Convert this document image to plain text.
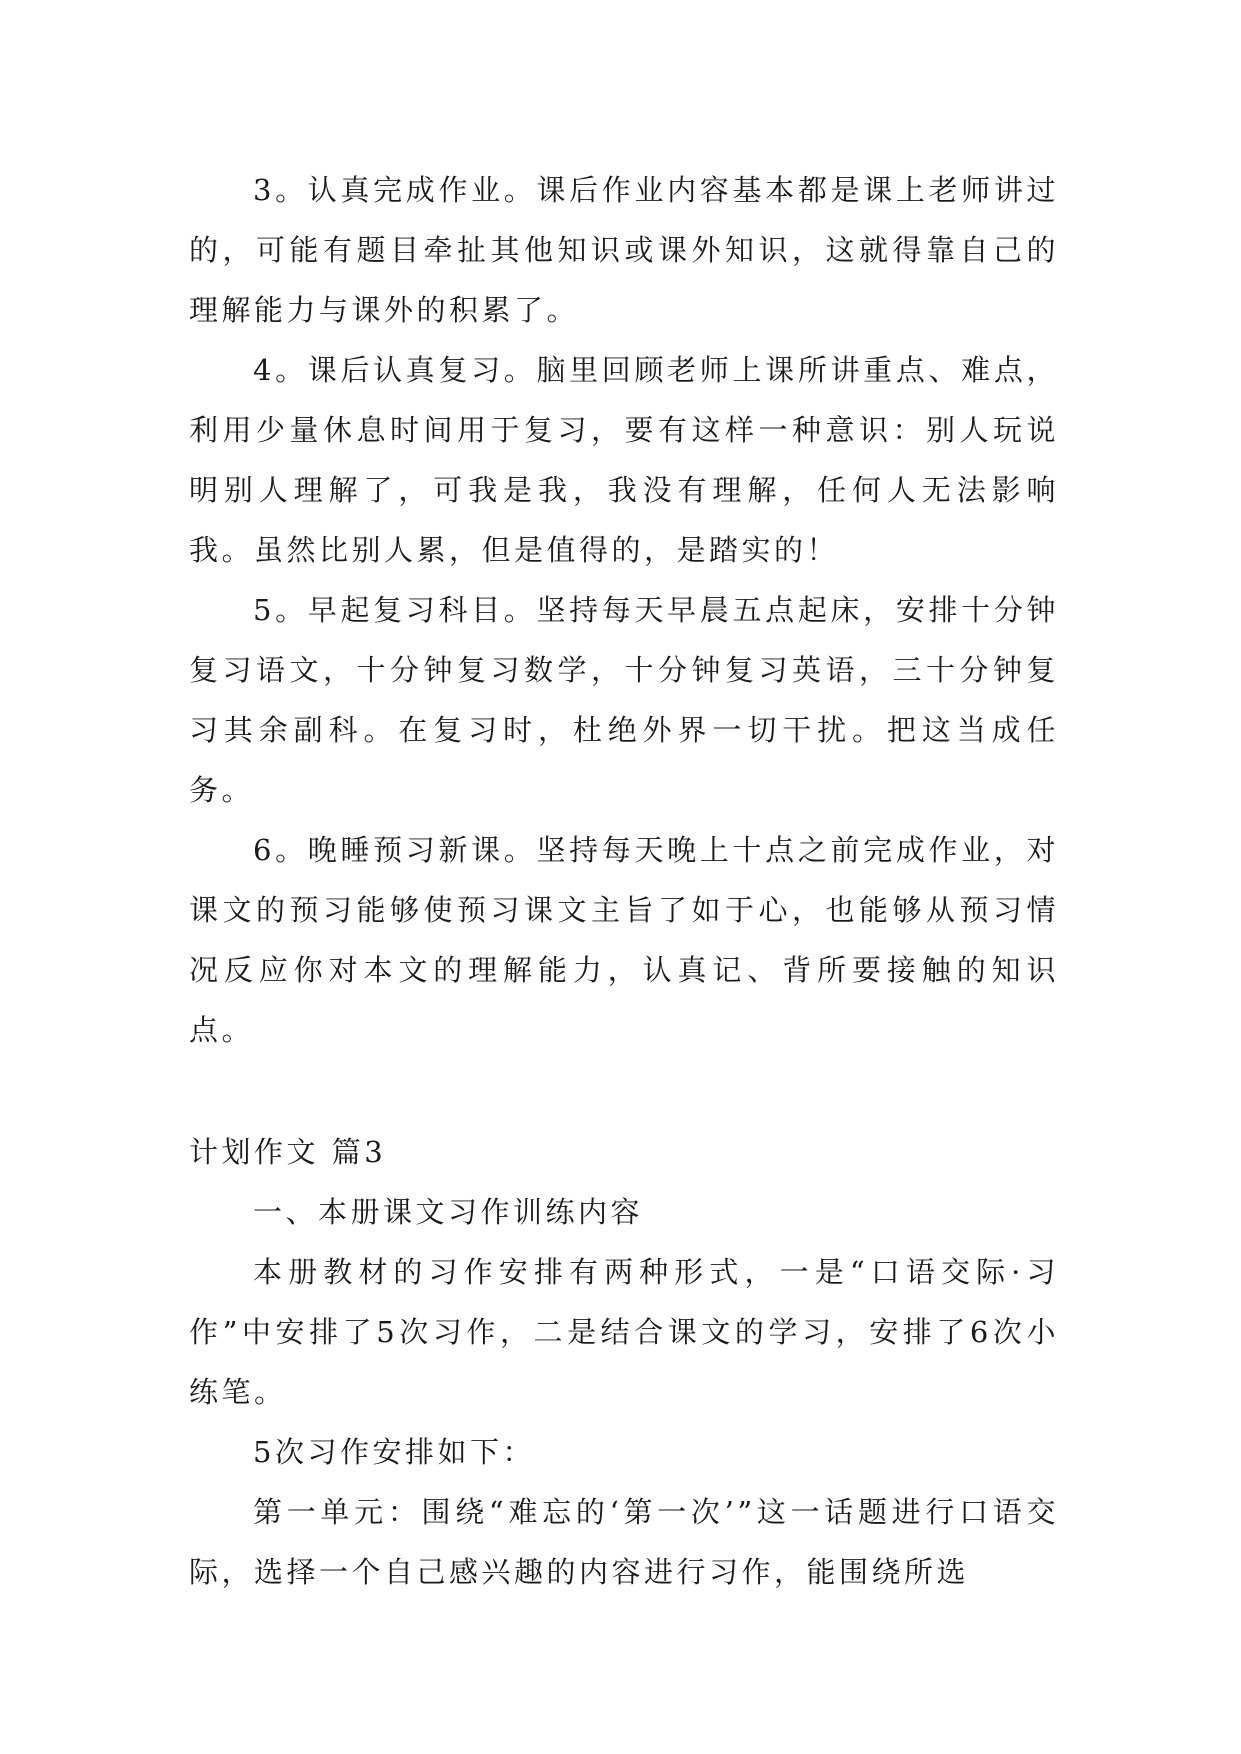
3。认真完成作业。课后作业内容基本都是课上老师讲过的，可能有题目牵扯其他知识或课外知识，这就得靠自己的理解能力与课外的积累了。

4。课后认真复习。脑里回顾老师上课所讲重点、难点，利用少量休息时间用于复习，要有这样一种意识：别人玩说明别人理解了，可我是我，我没有理解，任何人无法影响我。虽然比别人累，但是值得的，是踏实的！

5。早起复习科目。坚持每天早晨五点起床，安排十分钟复习语文，十分钟复习数学，十分钟复习英语，三十分钟复习其余副科。在复习时，杜绝外界一切干扰。把这当成任务。

6。晚睡预习新课。坚持每天晚上十点之前完成作业，对课文的预习能够使预习课文主旨了如于心，也能够从预习情况反应你对本文的理解能力，认真记、背所要接触的知识点。

计划作文 篇3

一、本册课文习作训练内容

本册教材的习作安排有两种形式，一是“口语交际·习作”中安排了5次习作，二是结合课文的学习，安排了6次小练笔。

5次习作安排如下：

第一单元：围绕“难忘的‘第一次’”这一话题进行口语交际，选择一个自己感兴趣的内容进行习作，能围绕所选
